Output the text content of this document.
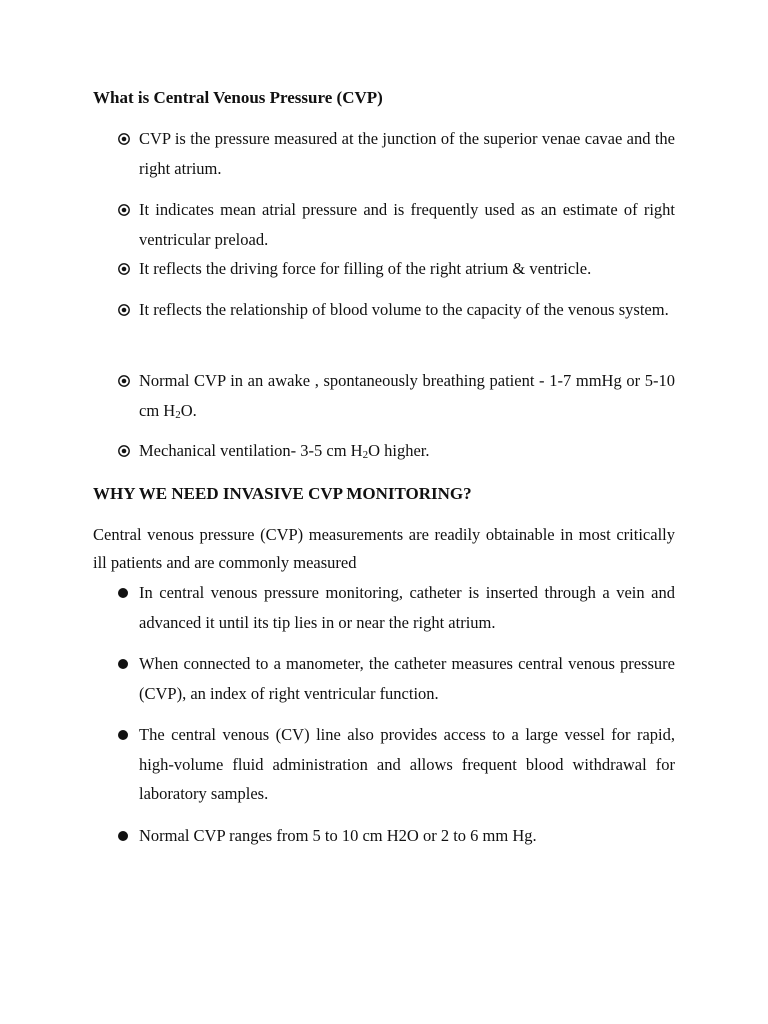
What is Central Venous Pressure (CVP)
CVP is the pressure measured at the junction of the superior venae cavae and the right atrium.
It indicates mean atrial pressure and is frequently used as an estimate of right ventricular preload.
It reflects the driving force for filling of the right atrium & ventricle.
It reflects the relationship of blood volume to the capacity of the venous system.
Normal CVP in an awake , spontaneously breathing patient - 1-7 mmHg or 5-10 cm H2O.
Mechanical ventilation- 3-5 cm H2O higher.
WHY WE NEED INVASIVE CVP MONITORING?
Central venous pressure (CVP) measurements are readily obtainable in most critically ill patients and are commonly measured
In central venous pressure monitoring, catheter is inserted through a vein and advanced it until its tip lies in or near the right atrium.
When connected to a manometer, the catheter measures central venous pressure (CVP), an index of right ventricular function.
The central venous (CV) line also provides access to a large vessel for rapid, high-volume fluid administration and allows frequent blood withdrawal for laboratory samples.
Normal CVP ranges from 5 to 10 cm H2O or 2 to 6 mm Hg.
